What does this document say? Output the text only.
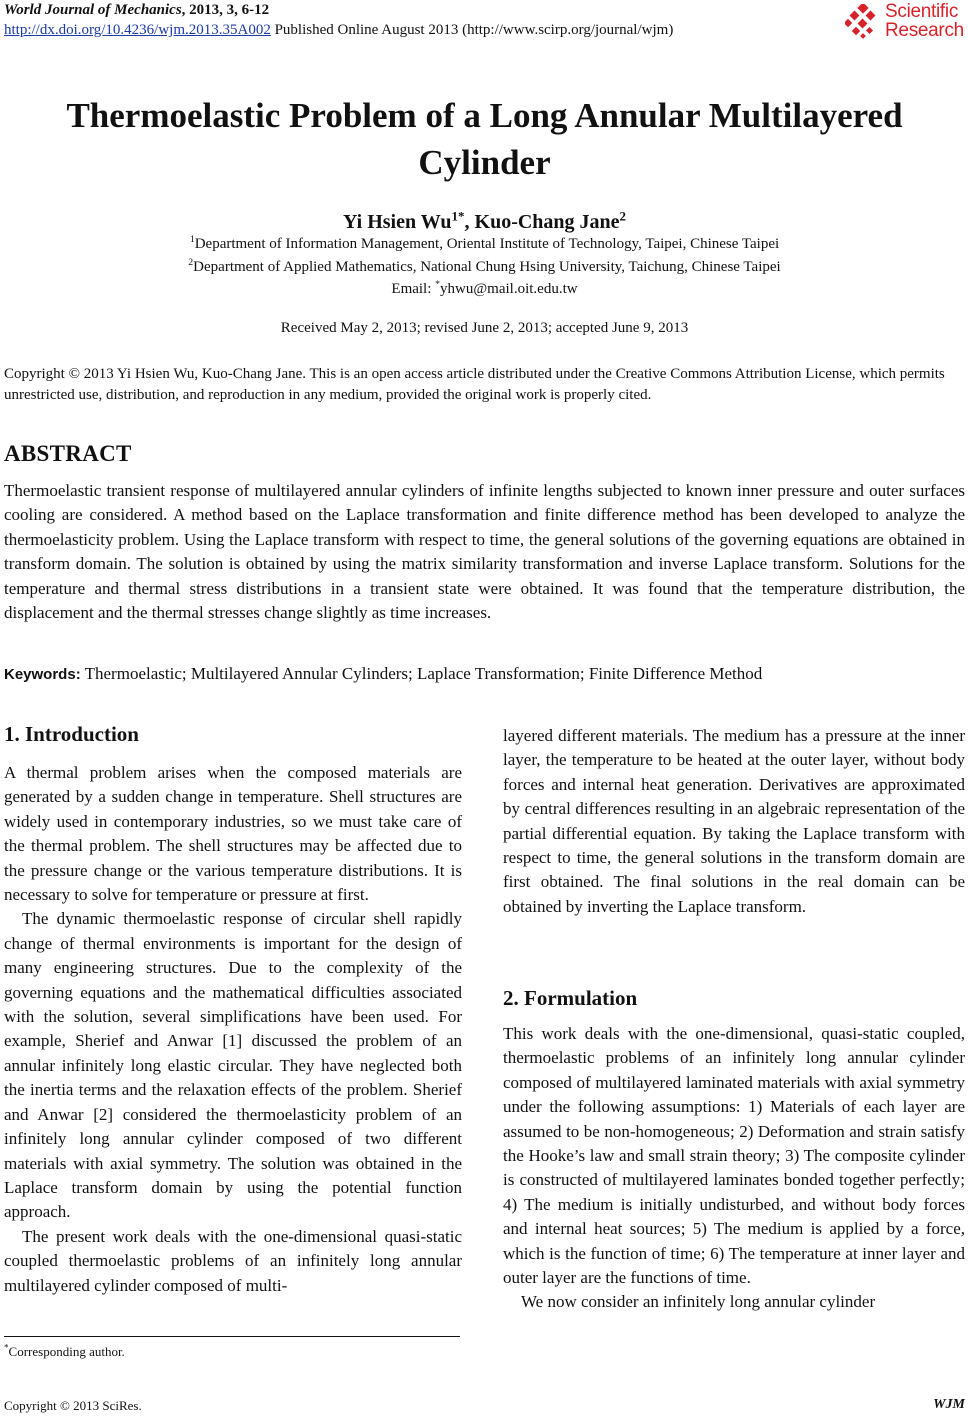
World Journal of Mechanics, 2013, 3, 6-12
http://dx.doi.org/10.4236/wjm.2013.35A002 Published Online August 2013 (http://www.scirp.org/journal/wjm)
Scientific
Research
Thermoelastic Problem of a Long Annular Multilayered
Cylinder
Yi Hsien $Wu^{1*}$, Kuo-Chang Jane$^2$
$^1$Department of Information Management, Oriental Institute of Technology, Taipei, Chinese Taipei
$^2$Department of Applied Mathematics, National Chung Hsing University, Taichung, Chinese Taipei
Email: *yhwu@mail.oit.edu.tw
Received May 2, 2013; revised June 2, 2013; accepted June 9, 2013
Copyright © 2013 Yi Hsien Wu, Kuo-Chang Jane. This is an open access article distributed under the Creative Commons Attribution License, which permits unrestricted use, distribution, and reproduction in any medium, provided the original work is properly cited.
ABSTRACT
Thermoelastic transient response of multilayered annular cylinders of infinite lengths subjected to known inner pressure and outer surfaces cooling are considered. A method based on the Laplace transformation and finite difference method has been developed to analyze the thermoelasticity problem. Using the Laplace transform with respect to time, the general solutions of the governing equations are obtained in transform domain. The solution is obtained by using the matrix similarity transformation and inverse Laplace transform. Solutions for the temperature and thermal stress distributions in a transient state were obtained. It was found that the temperature distribution, the displacement and the thermal stresses change slightly as time increases.
Keywords: Thermoelastic; Multilayered Annular Cylinders; Laplace Transformation; Finite Difference Method
1. Introduction

A thermal problem arises when the composed materials are generated by a sudden change in temperature. Shell structures are widely used in contemporary industries, so we must take care of the thermal problem. The shell structures may be affected due to the pressure change or the various temperature distributions. It is necessary to solve for temperature or pressure at first.

The dynamic thermoelastic response of circular shell rapidly change of thermal environments is important for the design of many engineering structures. Due to the complexity of the governing equations and the mathematical difficulties associated with the solution, several simplifications have been used. For example, Sherief and Anwar [1] discussed the problem of an annular infinitely long elastic circular. They have neglected both the inertia terms and the relaxation effects of the problem. Sherief and Anwar [2] considered the thermoelasticity problem of an infinitely long annular cylinder composed of two different materials with axial symmetry. The solution was obtained in the Laplace transform domain by using the potential function approach.

The present work deals with the one-dimensional quasi-static coupled thermoelastic problems of an infinitely long annular multilayered cylinder composed of multi-

layered different materials. The medium has a pressure at the inner layer, the temperature to be heated at the outer layer, without body forces and internal heat generation. Derivatives are approximated by central differences resulting in an algebraic representation of the partial differential equation. By taking the Laplace transform with respect to time, the general solutions in the transform domain are first obtained. The final solutions in the real domain can be obtained by inverting the Laplace transform.

2. Formulation

This work deals with the one-dimensional, quasi-static coupled, thermoelastic problems of an infinitely long annular cylinder composed of multilayered laminated materials with axial symmetry under the following assumptions: 1) Materials of each layer are assumed to be non-homogeneous; 2) Deformation and strain satisfy the Hooke’s law and small strain theory; 3) The composite cylinder is constructed of multilayered laminates bonded together perfectly; 4) The medium is initially undisturbed, and without body forces and internal heat sources; 5) The medium is applied by a force, which is the function of time; 6) The temperature at inner layer and outer layer are the functions of time.

We now consider an infinitely long annular cylinder

*Corresponding author.
Copyright © 2013 SciRes.	WJM
